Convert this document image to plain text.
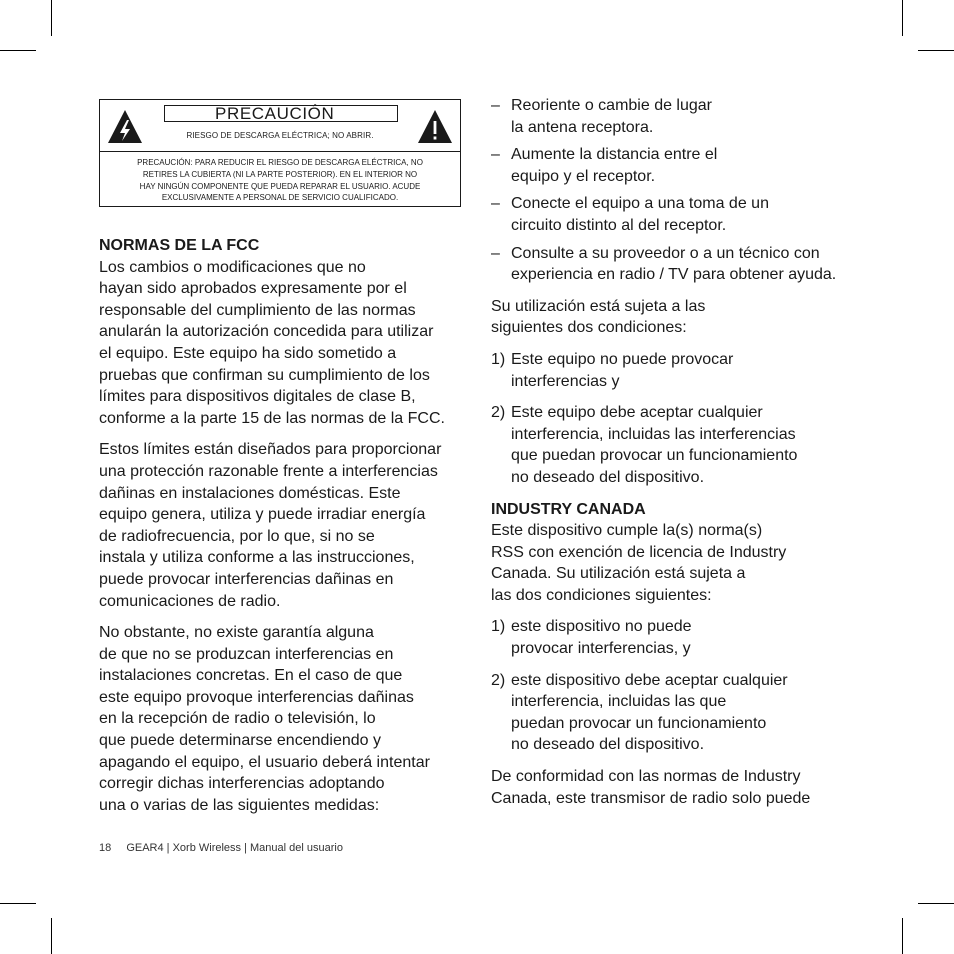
PRECAUCIÓN
RIESGO DE DESCARGA ELÉCTRICA; NO ABRIR.
PRECAUCIÓN: PARA REDUCIR EL RIESGO DE DESCARGA ELÉCTRICA, NO
RETIRES LA CUBIERTA (NI LA PARTE POSTERIOR). EN EL INTERIOR NO
HAY NINGÚN COMPONENTE QUE PUEDA REPARAR EL USUARIO. ACUDE
EXCLUSIVAMENTE A PERSONAL DE SERVICIO CUALIFICADO.
NORMAS DE LA FCC
Los cambios o modificaciones que no
hayan sido aprobados expresamente por el
responsable del cumplimiento de las normas
anularán la autorización concedida para utilizar
el equipo. Este equipo ha sido sometido a
pruebas que confirman su cumplimiento de los
límites para dispositivos digitales de clase B,
conforme a la parte 15 de las normas de la FCC.
Estos límites están diseñados para proporcionar
una protección razonable frente a interferencias
dañinas en instalaciones domésticas. Este
equipo genera, utiliza y puede irradiar energía
de radiofrecuencia, por lo que, si no se
instala y utiliza conforme a las instrucciones,
puede provocar interferencias dañinas en
comunicaciones de radio.
No obstante, no existe garantía alguna
de que no se produzcan interferencias en
instalaciones concretas. En el caso de que
este equipo provoque interferencias dañinas
en la recepción de radio o televisión, lo
que puede determinarse encendiendo y
apagando el equipo, el usuario deberá intentar
corregir dichas interferencias adoptando
una o varias de las siguientes medidas:
– Reoriente o cambie de lugar
la antena receptora.
– Aumente la distancia entre el
equipo y el receptor.
– Conecte el equipo a una toma de un
circuito distinto al del receptor.
– Consulte a su proveedor o a un técnico con
experiencia en radio / TV para obtener ayuda.
Su utilización está sujeta a las
siguientes dos condiciones:
1) Este equipo no puede provocar
interferencias y
2) Este equipo debe aceptar cualquier
interferencia, incluidas las interferencias
que puedan provocar un funcionamiento
no deseado del dispositivo.
INDUSTRY CANADA
Este dispositivo cumple la(s) norma(s)
RSS con exención de licencia de Industry
Canada. Su utilización está sujeta a
las dos condiciones siguientes:
1) este dispositivo no puede
provocar interferencias, y
2) este dispositivo debe aceptar cualquier
interferencia, incluidas las que
puedan provocar un funcionamiento
no deseado del dispositivo.
De conformidad con las normas de Industry
Canada, este transmisor de radio solo puede
18 GEAR4 | Xorb Wireless | Manual del usuario
